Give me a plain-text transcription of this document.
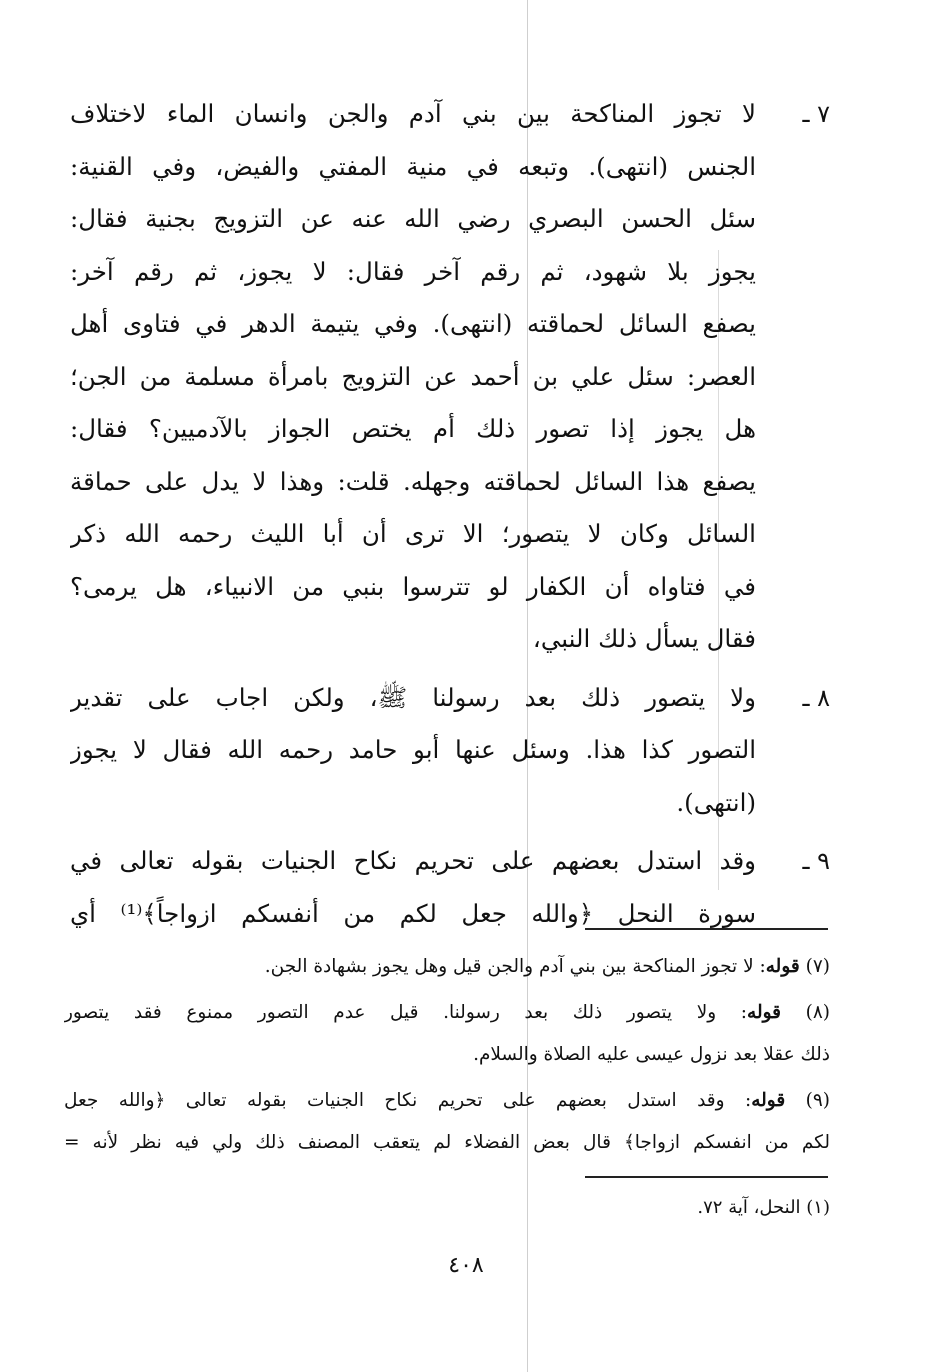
٧ ـ
لا تجوز المناكحة بين بني آدم والجن وانسان الماء لاختلاف
الجنس (انتهى). وتبعه في منية المفتي والفيض، وفي القنية:
سئل الحسن البصري رضي الله عنه عن التزويج بجنية فقال:
يجوز بلا شهود، ثم رقم آخر فقال: لا يجوز، ثم رقم آخر:
يصفع السائل لحماقته (انتهى). وفي يتيمة الدهر في فتاوى أهل
العصر: سئل علي بن أحمد عن التزويج بامرأة مسلمة من الجن؛
هل يجوز إذا تصور ذلك أم يختص الجواز بالآدميين؟ فقال:
يصفع هذا السائل لحماقته وجهله. قلت: وهذا لا يدل على حماقة
السائل وكان لا يتصور؛ الا ترى أن أبا الليث رحمه الله ذكر
في فتاواه أن الكفار لو تترسوا بنبي من الانبياء، هل يرمى؟
فقال يسأل ذلك النبي،
٨ ـ
ولا يتصور ذلك بعد رسولنا ﷺ، ولكن اجاب على تقدير
التصور كذا هذا. وسئل عنها أبو حامد رحمه الله فقال لا يجوز
(انتهى).
٩ ـ
وقد استدل بعضهم على تحريم نكاح الجنيات بقوله تعالى في
سورة النحل ﴿والله جعل لكم من أنفسكم ازواجاً﴾⁽¹⁾ أي
(٧) قوله: لا تجوز المناكحة بين بني آدم والجن قيل وهل يجوز بشهادة الجن.
(٨) قوله: ولا يتصور ذلك بعد رسولنا. قيل عدم التصور ممنوع فقد يتصور
ذلك عقلا بعد نزول عيسى عليه الصلاة والسلام.
(٩) قوله: وقد استدل بعضهم على تحريم نكاح الجنيات بقوله تعالى ﴿والله جعل
لكم من انفسكم ازواجا﴾ قال بعض الفضلاء لم يتعقب المصنف ذلك ولي فيه نظر لأنه =
(١) النحل، آية ٧٢.
٤٠٨
